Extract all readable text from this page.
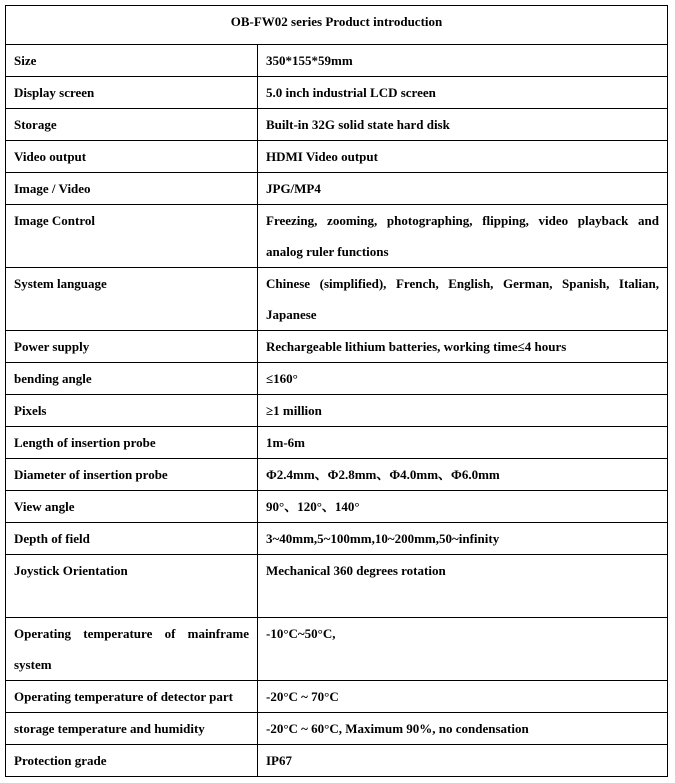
OB-FW02 series Product introduction	
Size	350*155*59mm
Display screen	5.0 inch industrial LCD screen
Storage	Built-in 32G solid state hard disk
Video output	HDMI Video output
Image / Video	JPG/MP4
Image Control	Freezing, zooming, photographing, flipping, video playback and analog ruler functions
System language	Chinese (simplified), French, English, German, Spanish, Italian, Japanese
Power supply	Rechargeable lithium batteries, working time≤4 hours
bending angle	≤160°
Pixels	≥1 million
Length of insertion probe	1m-6m
Diameter of insertion probe	Φ2.4mm、Φ2.8mm、Φ4.0mm、Φ6.0mm
View angle	90°、120°、140°
Depth of field	3~40mm,5~100mm,10~200mm,50~infinity
Joystick Orientation	Mechanical 360 degrees rotation
Operating temperature of mainframe system	-10°C~50°C,
Operating temperature of detector part	-20°C ~ 70°C
storage temperature and humidity	-20°C ~ 60°C, Maximum 90%, no condensation
Protection grade	IP67
